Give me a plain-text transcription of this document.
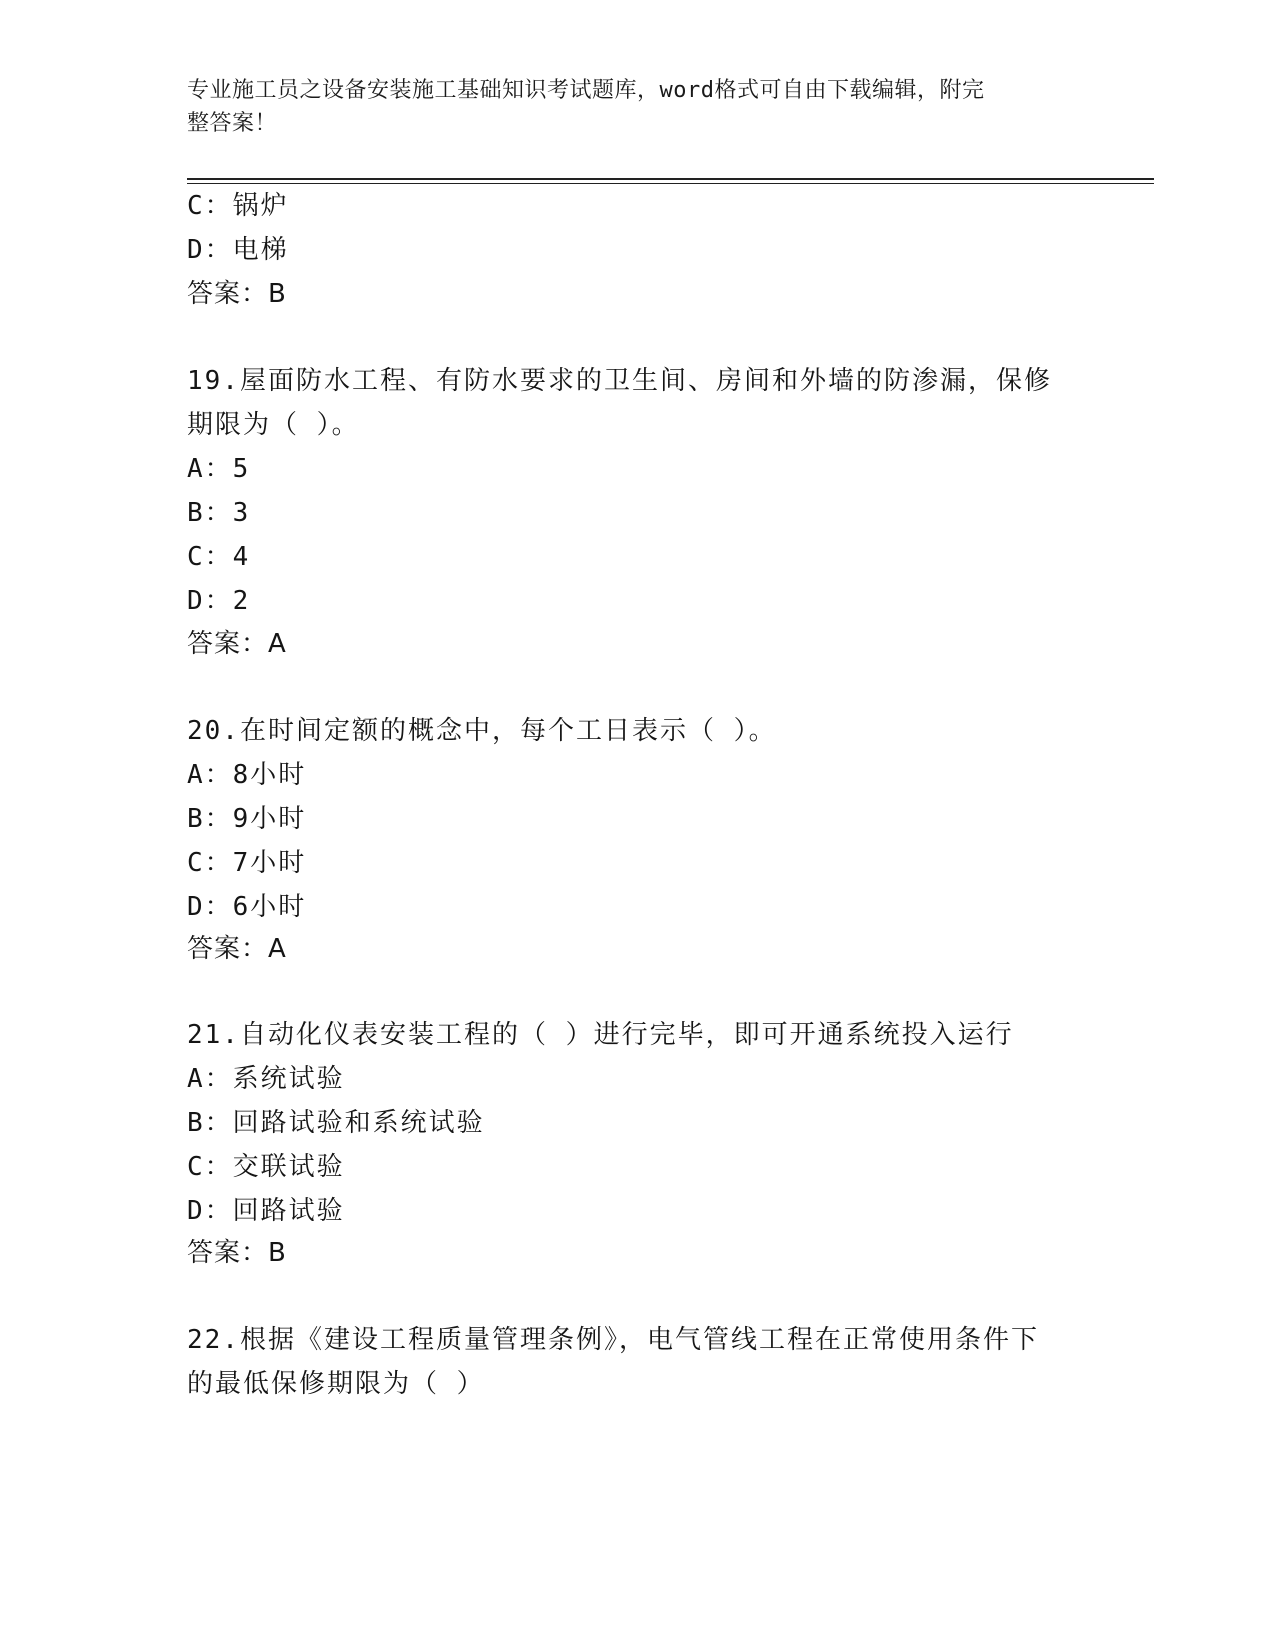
专业施工员之设备安装施工基础知识考试题库，word格式可自由下载编辑，附完
整答案！
C：锅炉
D：电梯
答案：B
19.屋面防水工程、有防水要求的卫生间、房间和外墙的防渗漏，保修
期限为（ ）。
A：5
B：3
C：4
D：2
答案：A
20.在时间定额的概念中，每个工日表示（ ）。
A：8小时
B：9小时
C：7小时
D：6小时
答案：A
21.自动化仪表安装工程的（ ）进行完毕，即可开通系统投入运行
A：系统试验
B：回路试验和系统试验
C：交联试验
D：回路试验
答案：B
22.根据《建设工程质量管理条例》，电气管线工程在正常使用条件下
的最低保修期限为（ ）
